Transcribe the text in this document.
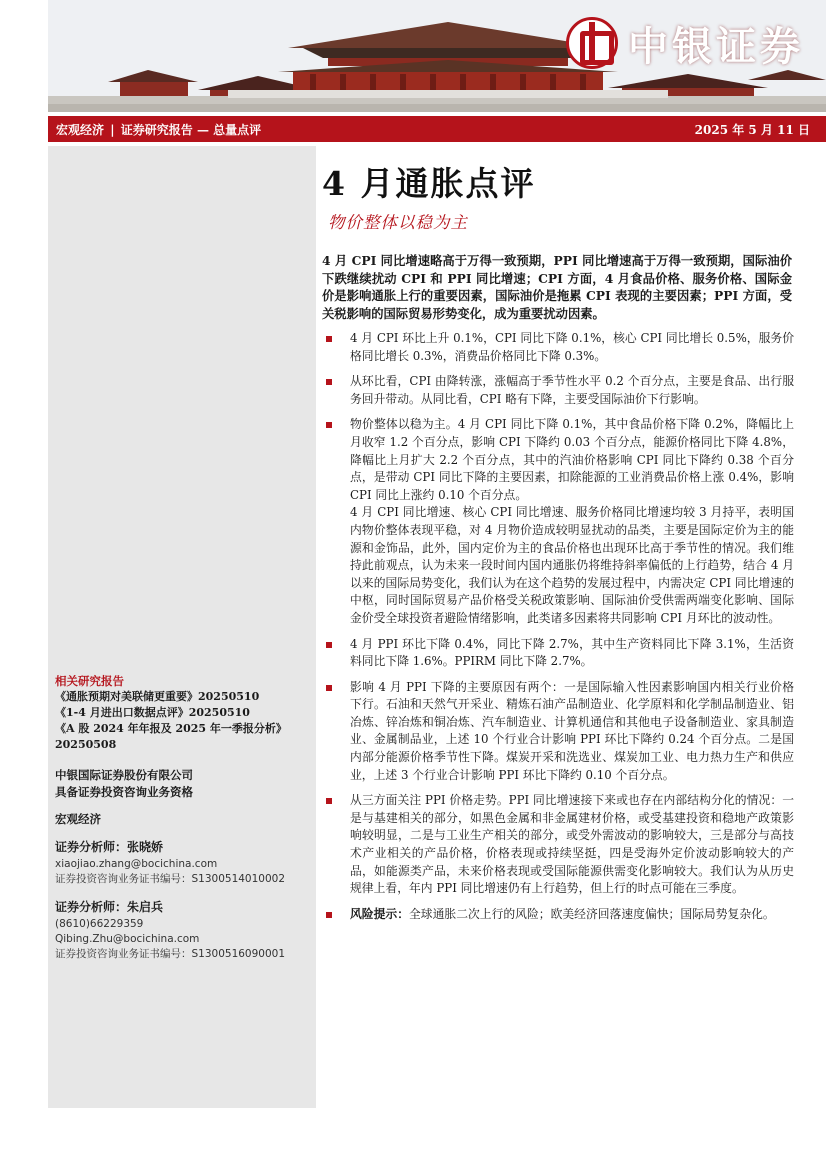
中银证券
宏观经济 | 证券研究报告 — 总量点评	2025 年 5 月 11 日
相关研究报告
《通胀预期对美联储更重要》20250510
《1-4 月进出口数据点评》20250510
《A 股 2024 年年报及 2025 年一季报分析》20250508
中银国际证券股份有限公司
具备证券投资咨询业务资格
宏观经济
证券分析师：张晓娇
xiaojiao.zhang@bocichina.com
证券投资咨询业务证书编号：S1300514010002
证券分析师：朱启兵
(8610)66229359
Qibing.Zhu@bocichina.com
证券投资咨询业务证书编号：S1300516090001
4 月通胀点评
物价整体以稳为主
4 月 CPI 同比增速略高于万得一致预期，PPI 同比增速高于万得一致预期，国际油价下跌继续扰动 CPI 和 PPI 同比增速；CPI 方面，4 月食品价格、服务价格、国际金价是影响通胀上行的重要因素，国际油价是拖累 CPI 表现的主要因素；PPI 方面，受关税影响的国际贸易形势变化，成为重要扰动因素。
4 月 CPI 环比上升 0.1%，CPI 同比下降 0.1%，核心 CPI 同比增长 0.5%，服务价格同比增长 0.3%，消费品价格同比下降 0.3%。
从环比看，CPI 由降转涨，涨幅高于季节性水平 0.2 个百分点，主要是食品、出行服务回升带动。从同比看，CPI 略有下降，主要受国际油价下行影响。
物价整体以稳为主。4 月 CPI 同比下降 0.1%，其中食品价格下降 0.2%，降幅比上月收窄 1.2 个百分点，影响 CPI 下降约 0.03 个百分点，能源价格同比下降 4.8%，降幅比上月扩大 2.2 个百分点，其中的汽油价格影响 CPI 同比下降约 0.38 个百分点，是带动 CPI 同比下降的主要因素，扣除能源的工业消费品价格上涨 0.4%，影响 CPI 同比上涨约 0.10 个百分点。
4 月 CPI 同比增速、核心 CPI 同比增速、服务价格同比增速均较 3 月持平，表明国内物价整体表现平稳，对 4 月物价造成较明显扰动的品类，主要是国际定价为主的能源和金饰品，此外，国内定价为主的食品价格也出现环比高于季节性的情况。我们维持此前观点，认为未来一段时间内国内通胀仍将维持斜率偏低的上行趋势，结合 4 月以来的国际局势变化，我们认为在这个趋势的发展过程中，内需决定 CPI 同比增速的中枢，同时国际贸易产品价格受关税政策影响、国际油价受供需两端变化影响、国际金价受全球投资者避险情绪影响，此类诸多因素将共同影响 CPI 月环比的波动性。
4 月 PPI 环比下降 0.4%，同比下降 2.7%，其中生产资料同比下降 3.1%，生活资料同比下降 1.6%。PPIRM 同比下降 2.7%。
影响 4 月 PPI 下降的主要原因有两个：一是国际输入性因素影响国内相关行业价格下行。石油和天然气开采业、精炼石油产品制造业、化学原料和化学制品制造业、铝冶炼、锌冶炼和铜冶炼、汽车制造业、计算机通信和其他电子设备制造业、家具制造业、金属制品业，上述 10 个行业合计影响 PPI 环比下降约 0.24 个百分点。二是国内部分能源价格季节性下降。煤炭开采和洗选业、煤炭加工业、电力热力生产和供应业，上述 3 个行业合计影响 PPI 环比下降约 0.10 个百分点。
从三方面关注 PPI 价格走势。PPI 同比增速接下来或也存在内部结构分化的情况：一是与基建相关的部分，如黑色金属和非金属建材价格，或受基建投资和稳地产政策影响较明显，二是与工业生产相关的部分，或受外需波动的影响较大，三是部分与高技术产业相关的产品价格，价格表现或持续坚挺，四是受海外定价波动影响较大的产品，如能源类产品，未来价格表现或受国际能源供需变化影响较大。我们认为从历史规律上看，年内 PPI 同比增速仍有上行趋势，但上行的时点可能在三季度。
风险提示：全球通胀二次上行的风险；欧美经济回落速度偏快；国际局势复杂化。
